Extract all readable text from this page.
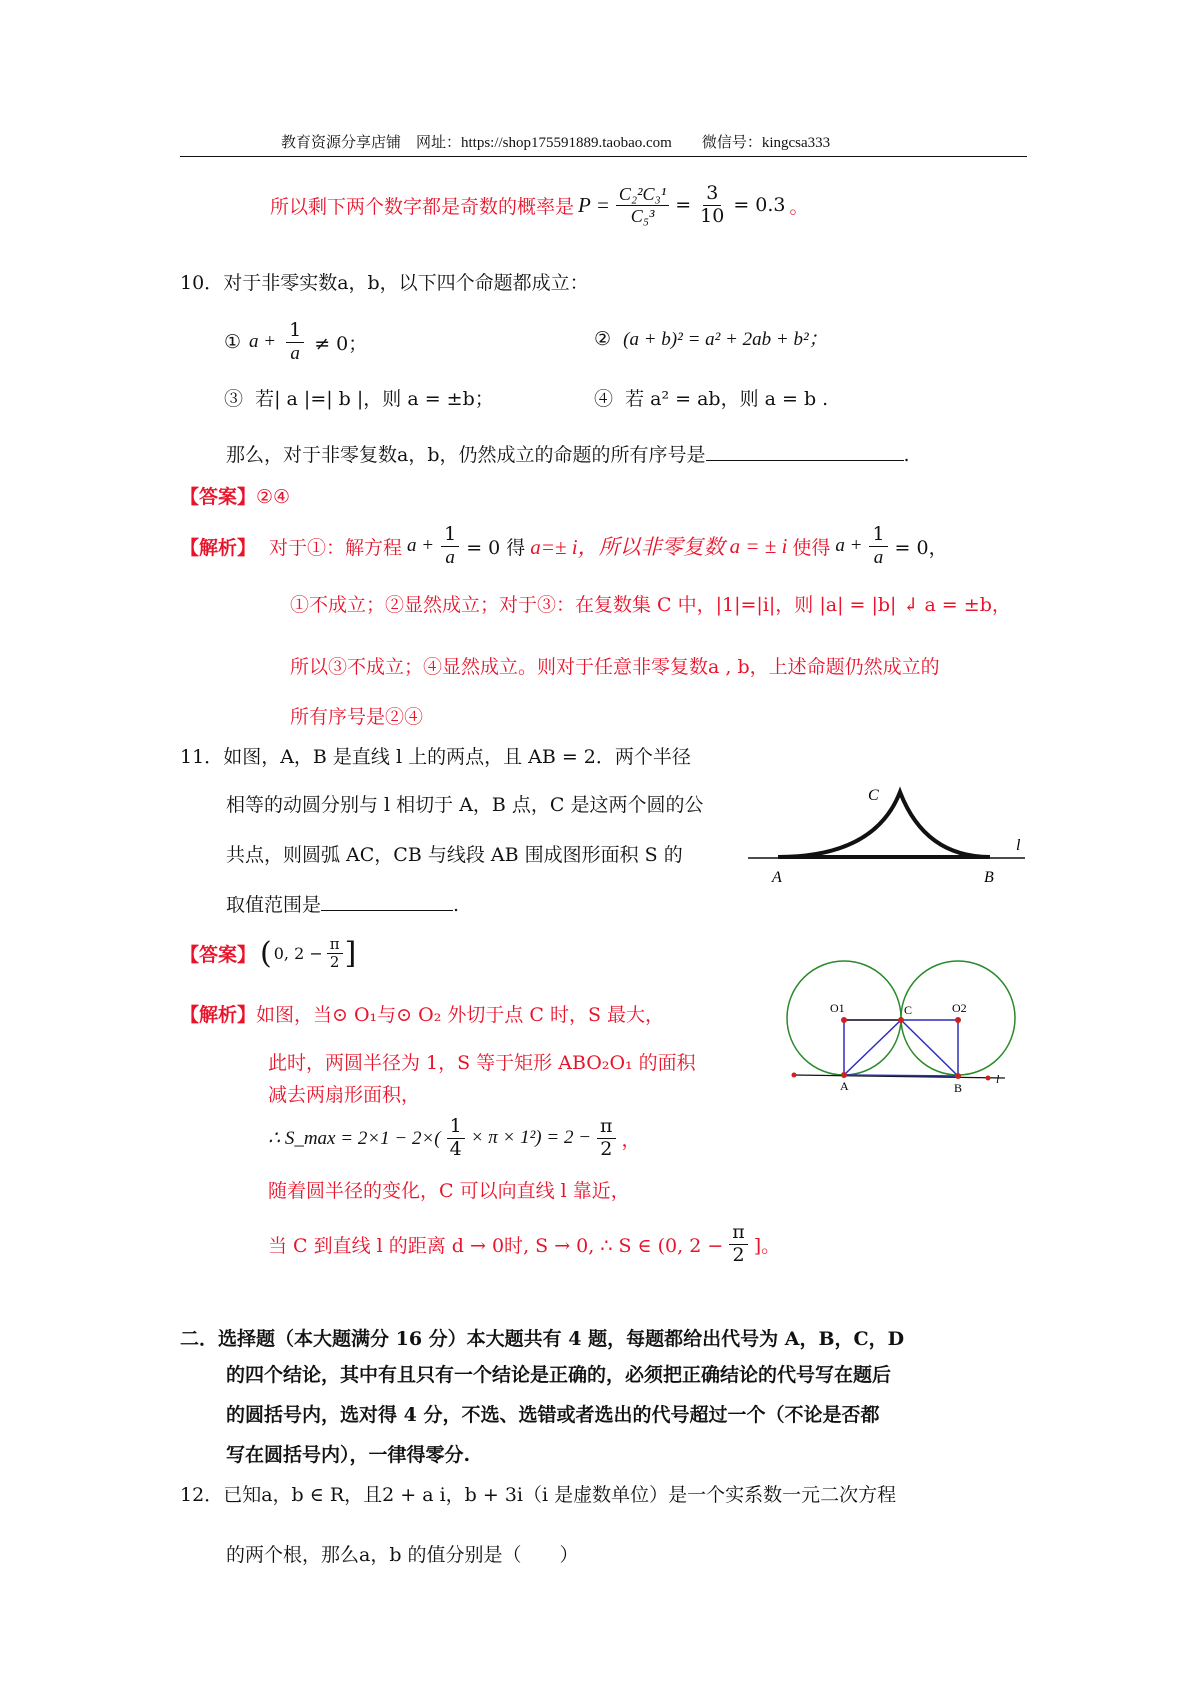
教育资源分享店铺　网址：https://shop175591889.taobao.com　　微信号：kingcsa333
所以剩下两个数字都是奇数的概率是 $P = \frac{\text{C₂²C₃¹}}{\text{C₅³}} = \frac{3}{10} = 0.3$ 。
10．对于非零实数a，b，以下四个命题都成立：
① $a + \frac{1}{a} \ne 0$；	② (a + b)² = a² + 2ab + b²；
③ 若| a |=| b |，则 a = ±b；	④ 若 a² = ab，则 a = b .
那么，对于非零复数a，b，仍然成立的命题的所有序号是	.
【答案】②④
【解析】 对于①：解方程 $a + \frac{1}{a} = 0$ 得 a=± i，所以非零复数 a = ± i 使得 $a + \frac{1}{a} = 0$，
①不成立；②显然成立；对于③：在复数集 C 中，|1|=|i|，则 |a| = |b| ↲ a = ±b，
所以③不成立；④显然成立。则对于任意非零复数a , b，上述命题仍然成立的
所有序号是②④
11．如图，A，B 是直线 l 上的两点，且 AB = 2．两个半径
相等的动圆分别与 l 相切于 A，B 点，C 是这两个圆的公
共点，则圆弧 AC，CB 与线段 AB 围成图形面积 S 的
取值范围是	.
C
A	B
l
【答案】 ( 0, $2 - \frac{\pi}{2}$ ]
【解析】如图，当⊙ O₁与⊙ O₂ 外切于点 C 时，S 最大，
此时，两圆半径为 1，S 等于矩形 ABO₂O₁ 的面积
减去两扇形面积，
∴ S_max = $2\times 1 - 2\times( \frac{1}{4} \times \pi \times 1^2) = 2 - \frac{\pi}{2}$ ，
随着圆半径的变化，C 可以向直线 l 靠近，
当 C 到直线 l 的距离 d → 0时, S → 0, ∴ S ∈ (0, $2 - \frac{\pi}{2}$ ]。
O1	C	O2
A	B
l
二．选择题（本大题满分 16 分）本大题共有 4 题，每题都给出代号为 A，B，C，D
的四个结论，其中有且只有一个结论是正确的，必须把正确结论的代号写在题后
的圆括号内，选对得 4 分，不选、选错或者选出的代号超过一个（不论是否都
写在圆括号内），一律得零分.
12．已知a，b ∈ R，且2 + a i，b + 3i（i 是虚数单位）是一个实系数一元二次方程
的两个根，那么a，b 的值分别是（　　）
